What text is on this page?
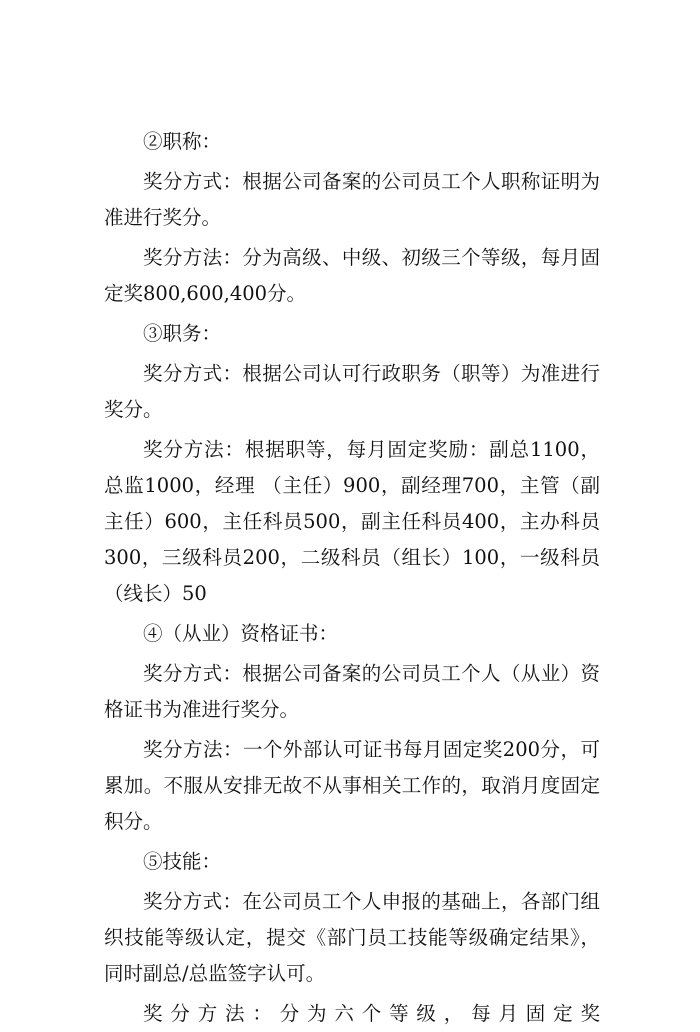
②职称：

奖分方式：根据公司备案的公司员工个人职称证明为准进行奖分。

奖分方法：分为高级、中级、初级三个等级，每月固定奖800,600,400分。

③职务：

奖分方式：根据公司认可行政职务（职等）为准进行奖分。

奖分方法：根据职等，每月固定奖励：副总1100，总监1000，经理 （主任）900，副经理700，主管（副主任）600，主任科员500，副主任科员400，主办科员300，三级科员200，二级科员（组长）100，一级科员（线长）50

④（从业）资格证书：

奖分方式：根据公司备案的公司员工个人（从业）资格证书为准进行奖分。

奖分方法：一个外部认可证书每月固定奖200分，可累加。不服从安排无故不从事相关工作的，取消月度固定积分。

⑤技能：

奖分方式：在公司员工个人申报的基础上，各部门组织技能等级认定，提交《部门员工技能等级确定结果》，同时副总/总监签字认可。

奖分方法：分为六个等级，每月固定奖
